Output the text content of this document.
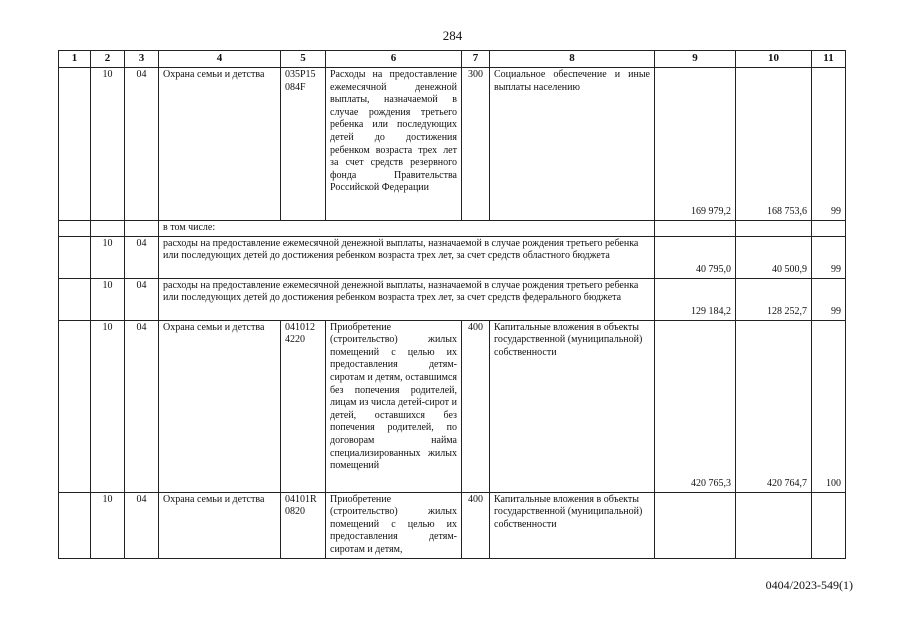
284
1	2	3	4	5	6	7	8	9	10	11
	10	04	Охрана семьи и детства	035P15 084F	Расходы на предоставление ежемесячной денежной выплаты, назначаемой в случае рождения третьего ребенка или последующих детей до достижения ребенком возраста трех лет за счет средств резервного фонда Правительства Российской Федерации	300	Социальное обеспечение и иные выплаты населению	169 979,2	168 753,6	99
			в том числе:							
	10	04	расходы на предоставление ежемесячной денежной выплаты, назначаемой в случае рождения третьего ребенка или последующих детей до достижения ребенком возраста трех лет, за счет средств областного бюджета					40 795,0	40 500,9	99
	10	04	расходы на предоставление ежемесячной денежной выплаты, назначаемой в случае рождения третьего ребенка или последующих детей до достижения ребенком возраста трех лет, за счет средств федерального бюджета					129 184,2	128 252,7	99
	10	04	Охрана семьи и детства	041012 4220	Приобретение (строительство) жилых помещений с целью их предоставления детям-сиротам и детям, оставшимся без попечения родителей, лицам из числа детей-сирот и детей, оставшихся без попечения родителей, по договорам найма специализированных жилых помещений	400	Капитальные вложения в объекты государственной (муниципальной) собственности	420 765,3	420 764,7	100
	10	04	Охрана семьи и детства	04101R 0820	Приобретение (строительство) жилых помещений с целью их предоставления детям-сиротам и детям,	400	Капитальные вложения в объекты государственной (муниципальной) собственности			
0404/2023-549(1)
